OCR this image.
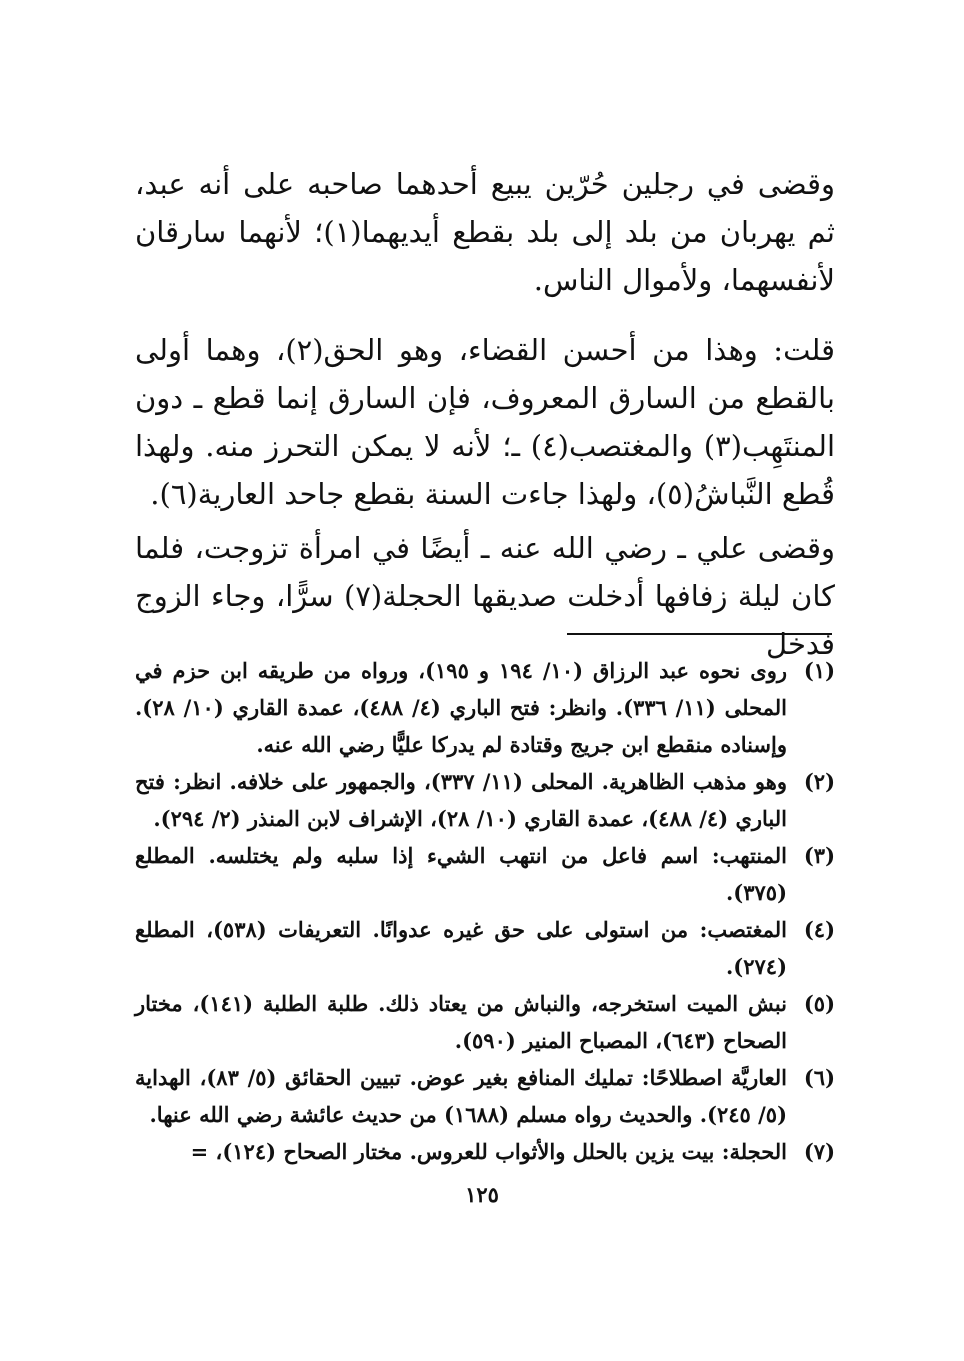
وقضى في رجلين حُرّين يبيع أحدهما صاحبه على أنه عبد، ثم يهربان من بلد إلى بلد بقطع أيديهما(١)؛ لأنهما سارقان لأنفسهما، ولأموال الناس.

قلت: وهذا من أحسن القضاء، وهو الحق(٢)، وهما أولى بالقطع من السارق المعروف، فإن السارق إنما قطع ـ دون المنتَهِب(٣) والمغتصب(٤) ـ؛ لأنه لا يمكن التحرز منه. ولهذا قُطع النَّباشُ(٥)، ولهذا جاءت السنة بقطع جاحد العارية(٦).

وقضى علي ـ رضي الله عنه ـ أيضًا في امرأة تزوجت، فلما كان ليلة زفافها أدخلت صديقها الحجلة(٧) سرًّا، وجاء الزوج فدخل

(١)
روى نحوه عبد الرزاق (١٠/ ١٩٤ و ١٩٥)، ورواه من طريقه ابن حزم في المحلى (١١/ ٣٣٦). وانظر: فتح الباري (٤/ ٤٨٨)، عمدة القاري (١٠/ ٢٨). وإسناده منقطع ابن جريج وقتادة لم يدركا عليًّا رضي الله عنه.
(٢)
وهو مذهب الظاهرية. المحلى (١١/ ٣٣٧)، والجمهور على خلافه. انظر: فتح الباري (٤/ ٤٨٨)، عمدة القاري (١٠/ ٢٨)، الإشراف لابن المنذر (٢/ ٢٩٤).
(٣)
المنتهب: اسم فاعل من انتهب الشيء إذا سلبه ولم يختلسه. المطلع (٣٧٥).
(٤)
المغتصب: من استولى على حق غيره عدوانًا. التعريفات (٥٣٨)، المطلع (٢٧٤).
(٥)
نبش الميت استخرجه، والنباش من يعتاد ذلك. طلبة الطلبة (١٤١)، مختار الصحاح (٦٤٣)، المصباح المنير (٥٩٠).
(٦)
العاريَّة اصطلاحًا: تمليك المنافع بغير عوض. تبيين الحقائق (٥/ ٨٣)، الهداية (٥/ ٢٤٥). والحديث رواه مسلم (١٦٨٨) من حديث عائشة رضي الله عنها.
(٧)
الحجلة: بيت يزين بالحلل والأثواب للعروس. مختار الصحاح (١٢٤)، =
١٢٥
